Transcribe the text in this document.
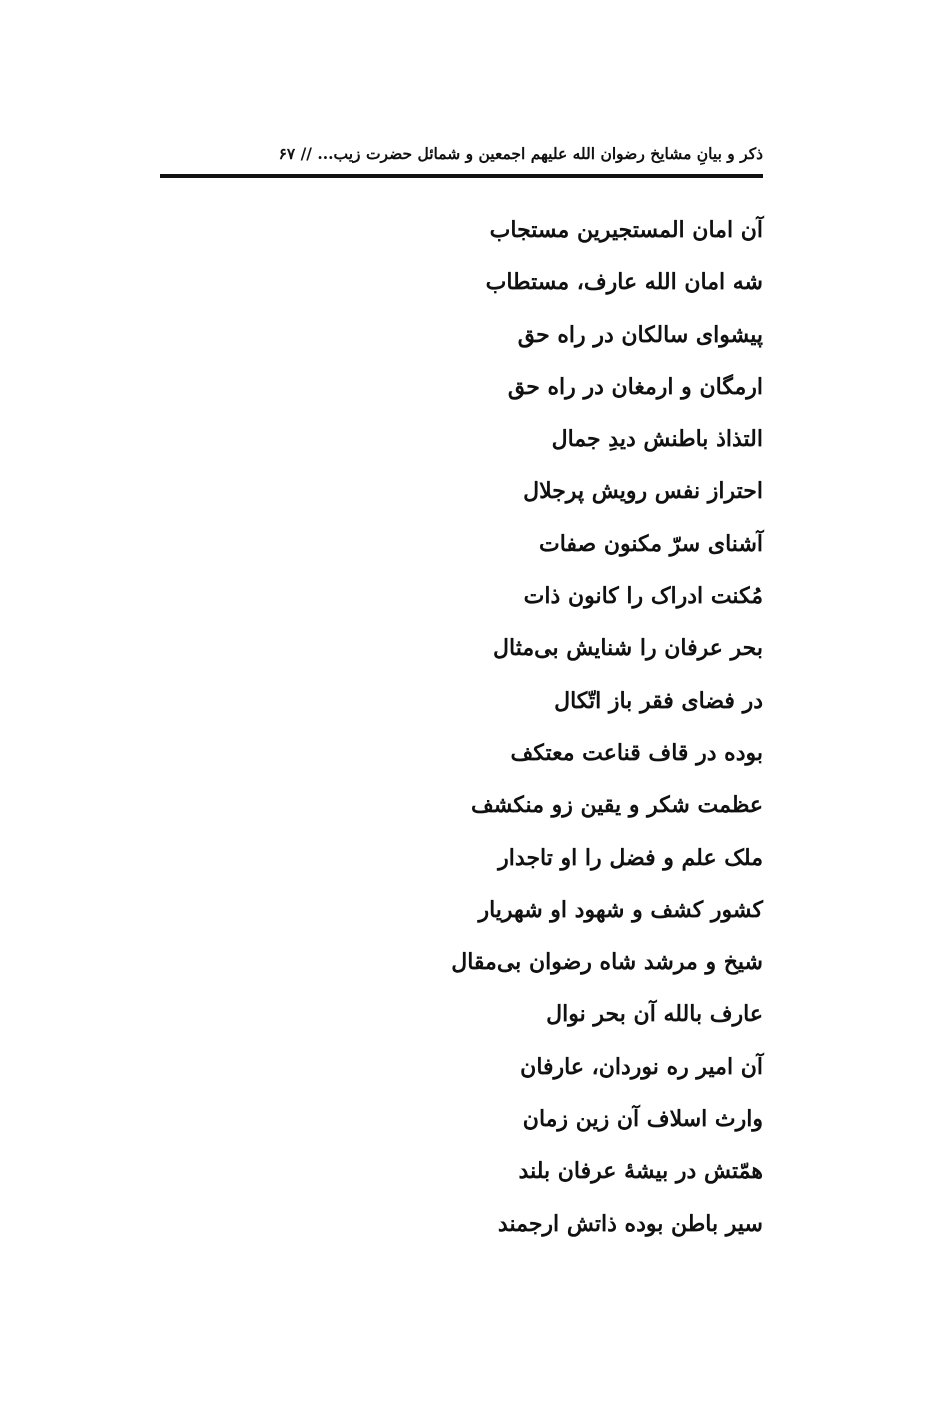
ذکر و بیانِ مشایخ رضوان الله علیهم اجمعین و شمائل حضرت زیب... // ۶۷
آن امان المستجیرین مستجاب
شه امان الله عارف، مستطاب
پیشوای سالکان در راه حق
ارمگان و ارمغان در راه حق
التذاذ باطنش دیدِ جمال
احتراز نفس رویش پرجلال
آشنای سرّ مکنون صفات
مُکنت ادراک را کانون ذات
بحر عرفان را شنایش بی‌مثال
در فضای فقر باز اتّکال
بوده در قاف قناعت معتکف
عظمت شکر و یقین زو منکشف
ملک علم و فضل را او تاجدار
کشور کشف و شهود او شهریار
شیخ و مرشد شاه رضوان بی‌مقال
عارف بالله آن بحر نوال
آن امیر ره نوردان، عارفان
وارث اسلاف آن زین زمان
همّتش در بیشهٔ عرفان بلند
سیر باطن بوده ذاتش ارجمند
